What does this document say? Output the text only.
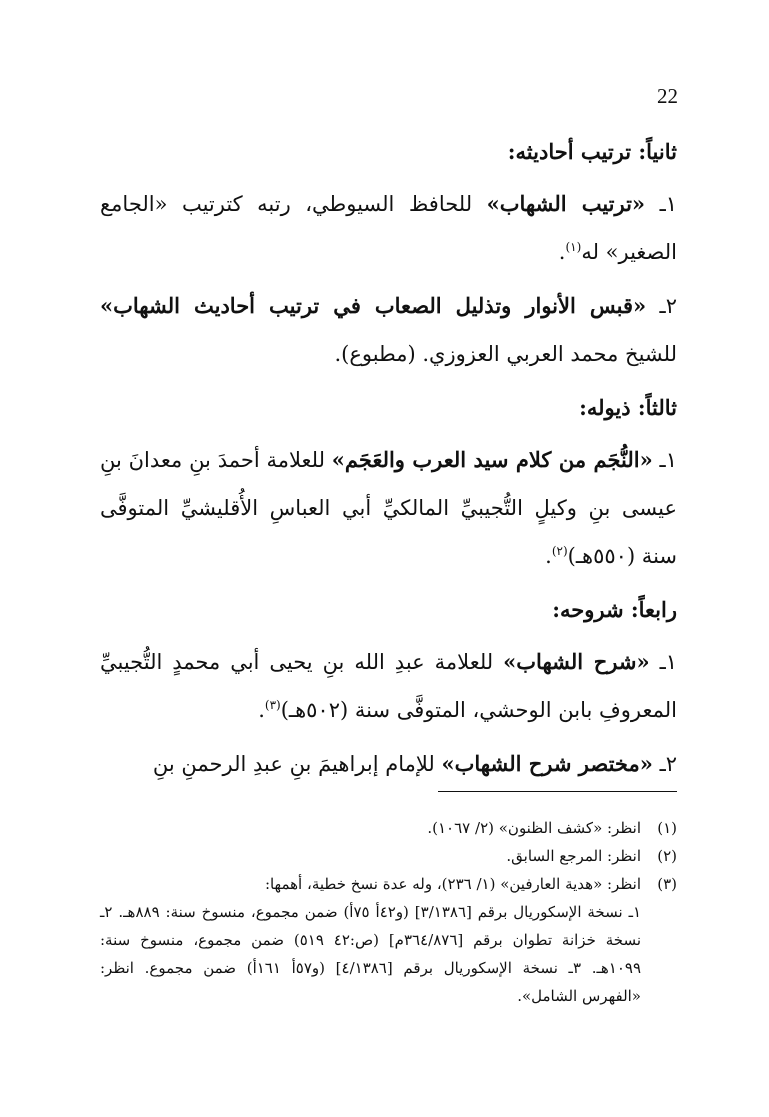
22

ثانياً: ترتيب أحاديثه:

١ـ «ترتيب الشهاب» للحافظ السيوطي، رتبه كترتيب «الجامع الصغير» له$^{(١)}$.

٢ـ «قبس الأنوار وتذليل الصعاب في ترتيب أحاديث الشهاب» للشيخ محمد العربي العزوزي. (مطبوع).

ثالثاً: ذيوله:

١ـ «النُّجَم من كلام سيد العرب والعَجَم» للعلامة أحمدَ بنِ معدانَ بنِ عيسى بنِ وكيلٍ التُّجيبيِّ المالكيِّ أبي العباسِ الأُقليشيِّ المتوفَّى سنة (٥٥٠هـ)$^{(٢)}$.

رابعاً: شروحه:

١ـ «شرح الشهاب» للعلامة عبدِ الله بنِ يحيى أبي محمدٍ التُّجيبيِّ المعروفِ بابن الوحشي، المتوفَّى سنة (٥٠٢هـ)$^{(٣)}$.

٢ـ «مختصر شرح الشهاب» للإمام إبراهيمَ بنِ عبدِ الرحمنِ بنِ

(١)
انظر: «كشف الظنون» (٢/ ١٠٦٧).
(٢)
انظر: المرجع السابق.
(٣)
انظر: «هدية العارفين» (١/ ٢٣٦)، وله عدة نسخ خطية، أهمها:
١ـ نسخة الإسكوريال برقم [٣/١٣٨٦] (و٤٢أ ٧٥أ) ضمن مجموع، منسوخ سنة: ٨٨٩هـ. ٢ـ نسخة خزانة تطوان برقم [٣٦٤/٨٧٦م] (ص:٤٢ ٥١٩) ضمن مجموع، منسوخ سنة: ١٠٩٩هـ. ٣ـ نسخة الإسكوريال برقم [٤/١٣٨٦] (و٥٧أ ١٦١أ) ضمن مجموع. انظر: «الفهرس الشامل».
